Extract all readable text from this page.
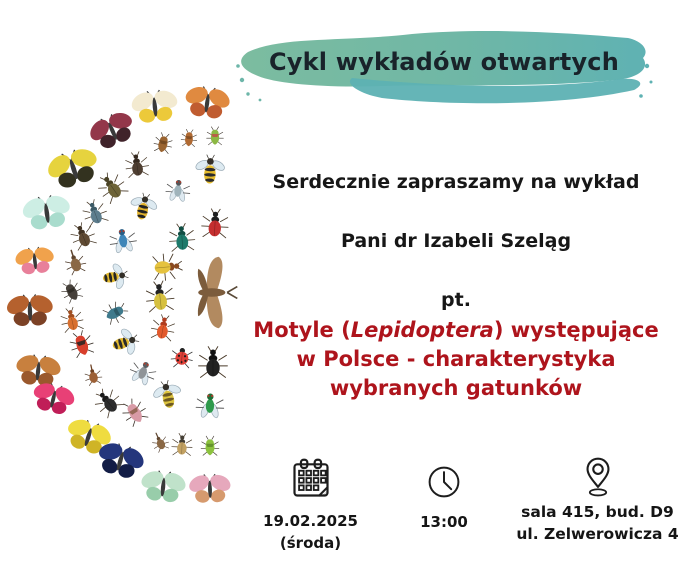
Cykl wykładów otwartych
Serdecznie zapraszamy na wykład
Pani dr Izabeli Szeląg
pt.
Motyle (Lepidoptera) występujące
w Polsce - charakterystyka
wybranych gatunków
19.02.2025
(środa)
13:00
sala 415, bud. D9
ul. Zelwerowicza 4
